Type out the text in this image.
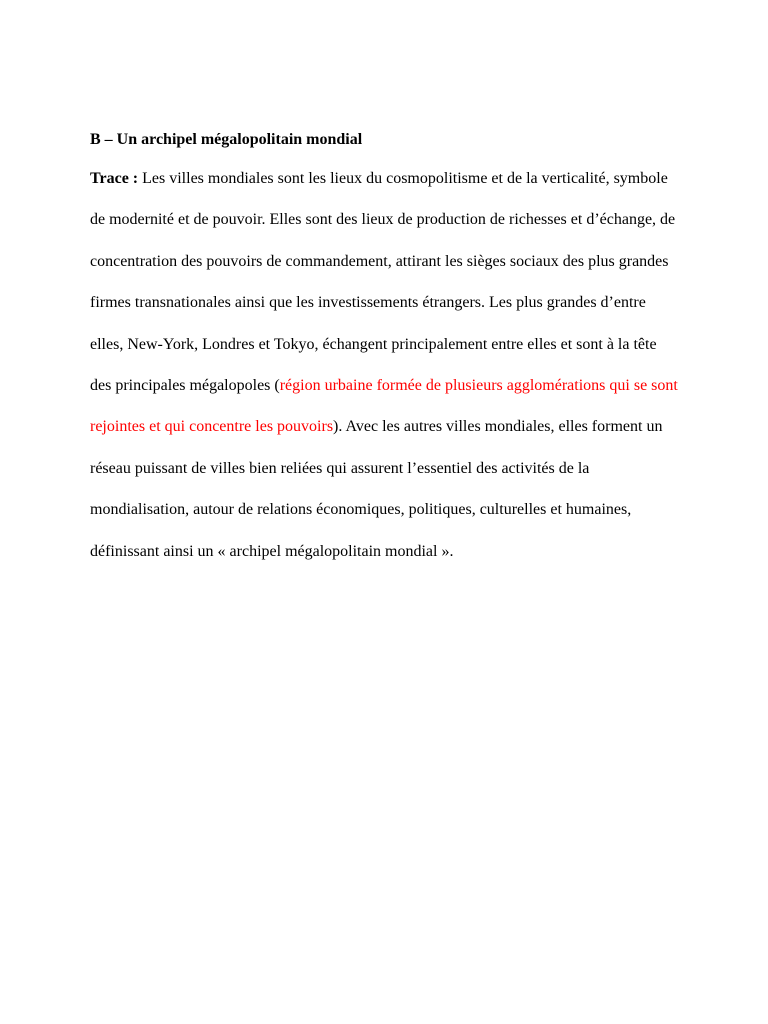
B – Un archipel mégalopolitain mondial

Trace : Les villes mondiales sont les lieux du cosmopolitisme et de la verticalité, symbole de modernité et de pouvoir. Elles sont des lieux de production de richesses et d’échange, de concentration des pouvoirs de commandement, attirant les sièges sociaux des plus grandes firmes transnationales ainsi que les investissements étrangers. Les plus grandes d’entre elles, New-York, Londres et Tokyo, échangent principalement entre elles et sont à la tête des principales mégalopoles (région urbaine formée de plusieurs agglomérations qui se sont rejointes et qui concentre les pouvoirs). Avec les autres villes mondiales, elles forment un réseau puissant de villes bien reliées qui assurent l’essentiel des activités de la mondialisation, autour de relations économiques, politiques, culturelles et humaines, définissant ainsi un « archipel mégalopolitain mondial ».
